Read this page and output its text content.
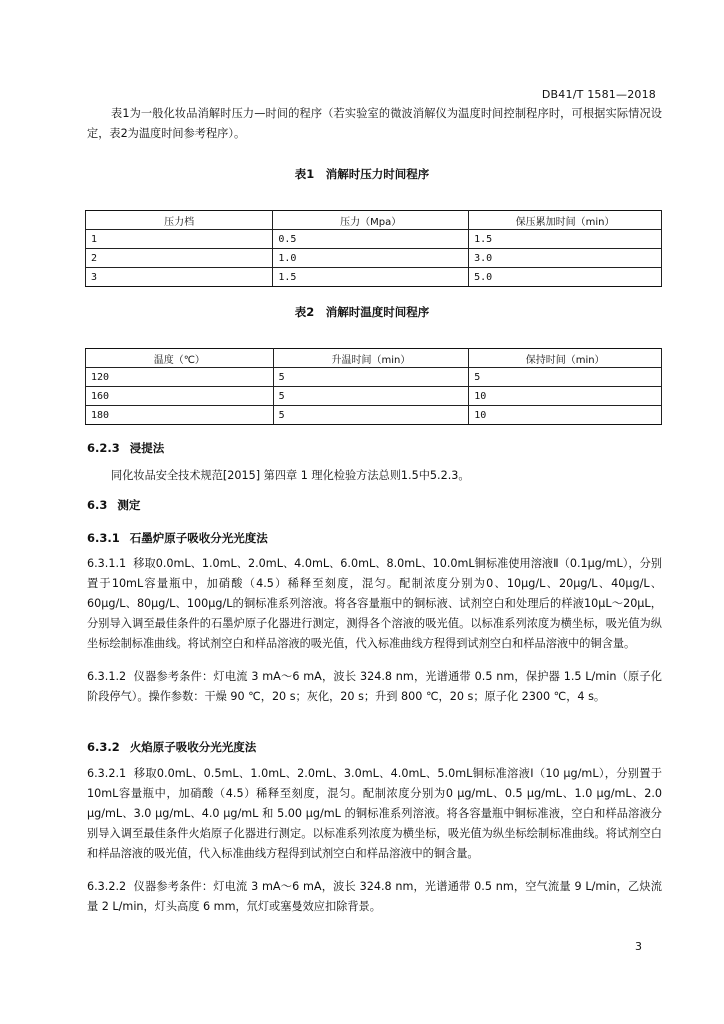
DB41/T 1581—2018

表1为一般化妆品消解时压力—时间的程序（若实验室的微波消解仪为温度时间控制程序时，可根据实际情况设定，表2为温度时间参考程序）。

表1　消解时压力时间程序
压力档	压力（Mpa）	保压累加时间（min）
1	0.5	1.5
2	1.0	3.0
3	1.5	5.0
表2　消解时温度时间程序
温度（℃）	升温时间（min）	保持时间（min）
120	5	5
160	5	10
180	5	10
6.2.3 浸提法

同化妆品安全技术规范[2015] 第四章 1 理化检验方法总则1.5中5.2.3。

6.3 测定
6.3.1 石墨炉原子吸收分光光度法

6.3.1.1 移取0.0mL、1.0mL、2.0mL、4.0mL、6.0mL、8.0mL、10.0mL铜标准使用溶液Ⅱ（0.1μg/mL），分别置于10mL容量瓶中，加硝酸（4.5）稀释至刻度，混匀。配制浓度分别为0、10μg/L、20μg/L、40μg/L、60μg/L、80μg/L、100μg/L的铜标准系列溶液。将各容量瓶中的铜标液、试剂空白和处理后的样液10μL～20μL，分别导入调至最佳条件的石墨炉原子化器进行测定，测得各个溶液的吸光值。以标准系列浓度为横坐标，吸光值为纵坐标绘制标准曲线。将试剂空白和样品溶液的吸光值，代入标准曲线方程得到试剂空白和样品溶液中的铜含量。

6.3.1.2 仪器参考条件：灯电流 3 mA～6 mA，波长 324.8 nm，光谱通带 0.5 nm，保护器 1.5 L/min（原子化阶段停气）。操作参数：干燥 90 ℃，20 s；灰化，20 s；升到 800 ℃，20 s；原子化 2300 ℃，4 s。

6.3.2 火焰原子吸收分光光度法

6.3.2.1 移取0.0mL、0.5mL、1.0mL、2.0mL、3.0mL、4.0mL、5.0mL铜标准溶液Ⅰ（10 μg/mL），分别置于10mL容量瓶中，加硝酸（4.5）稀释至刻度，混匀。配制浓度分别为0 μg/mL、0.5 μg/mL、1.0 μg/mL、2.0 μg/mL、3.0 μg/mL、4.0 μg/mL 和 5.00 μg/mL 的铜标准系列溶液。将各容量瓶中铜标准液，空白和样品溶液分别导入调至最佳条件火焰原子化器进行测定。以标准系列浓度为横坐标，吸光值为纵坐标绘制标准曲线。将试剂空白和样品溶液的吸光值，代入标准曲线方程得到试剂空白和样品溶液中的铜含量。

6.3.2.2 仪器参考条件：灯电流 3 mA～6 mA，波长 324.8 nm，光谱通带 0.5 nm，空气流量 9 L/min，乙炔流量 2 L/min，灯头高度 6 mm，氘灯或塞曼效应扣除背景。

3
